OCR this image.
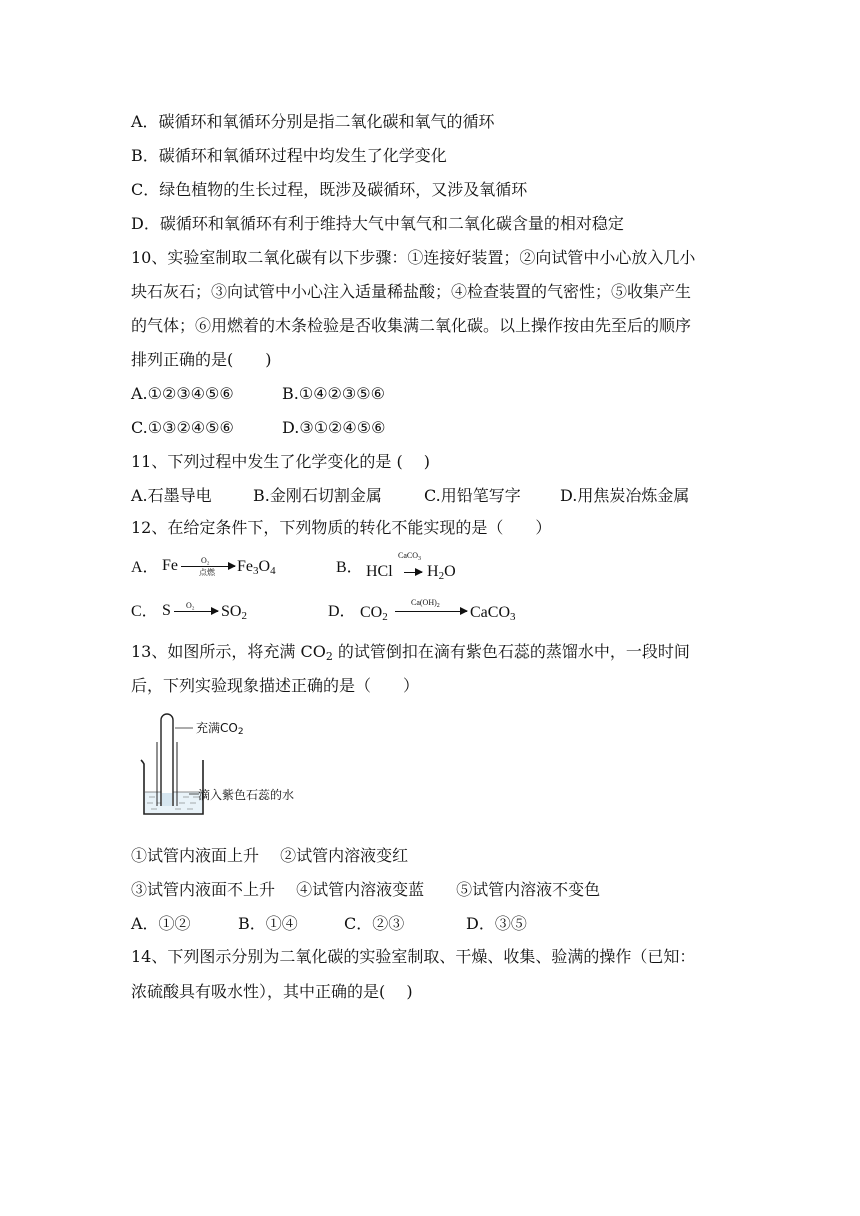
A．碳循环和氧循环分别是指二氧化碳和氧气的循环
B．碳循环和氧循环过程中均发生了化学变化
C．绿色植物的生长过程，既涉及碳循环，又涉及氧循环
D．碳循环和氧循环有利于维持大气中氧气和二氧化碳含量的相对稳定
10、实验室制取二氧化碳有以下步骤：①连接好装置；②向试管中小心放入几小
块石灰石；③向试管中小心注入适量稀盐酸；④检查装置的气密性；⑤收集产生
的气体；⑥用燃着的木条检验是否收集满二氧化碳。以上操作按由先至后的顺序
排列正确的是(　　)
A.①②③④⑤⑥	B.①④②③⑤⑥
C.①③②④⑤⑥	D.③①②④⑤⑥
11、下列过程中发生了化学变化的是 (　 )
A.石墨导电	B.金刚石切割金属	C.用铅笔写字 D.用焦炭冶炼金属
12、在给定条件下，下列物质的转化不能实现的是（　　）
A． Fe	O₂
点燃 $Fe_3O_4$	B． HCl
CaCO$_3$
$H_2O$
C． S O₂ $SO_2$	D． $CO_2$
$Ca(OH)_2$ CaCO$_3$
13、如图所示，将充满 $CO_2$ 的试管倒扣在滴有紫色石蕊的蒸馏水中，一段时间
后，下列实验现象描述正确的是（　　）
充满$CO_2$
滴入紫色石蕊的水
①试管内液面上升　 ②试管内溶液变红
③试管内液面不上升　 ④试管内溶液变蓝　　⑤试管内溶液不变色
A．①②	B．①④	C．②③	D．③⑤
14、下列图示分别为二氧化碳的实验室制取、干燥、收集、验满的操作（已知：
浓硫酸具有吸水性），其中正确的是(　 )
